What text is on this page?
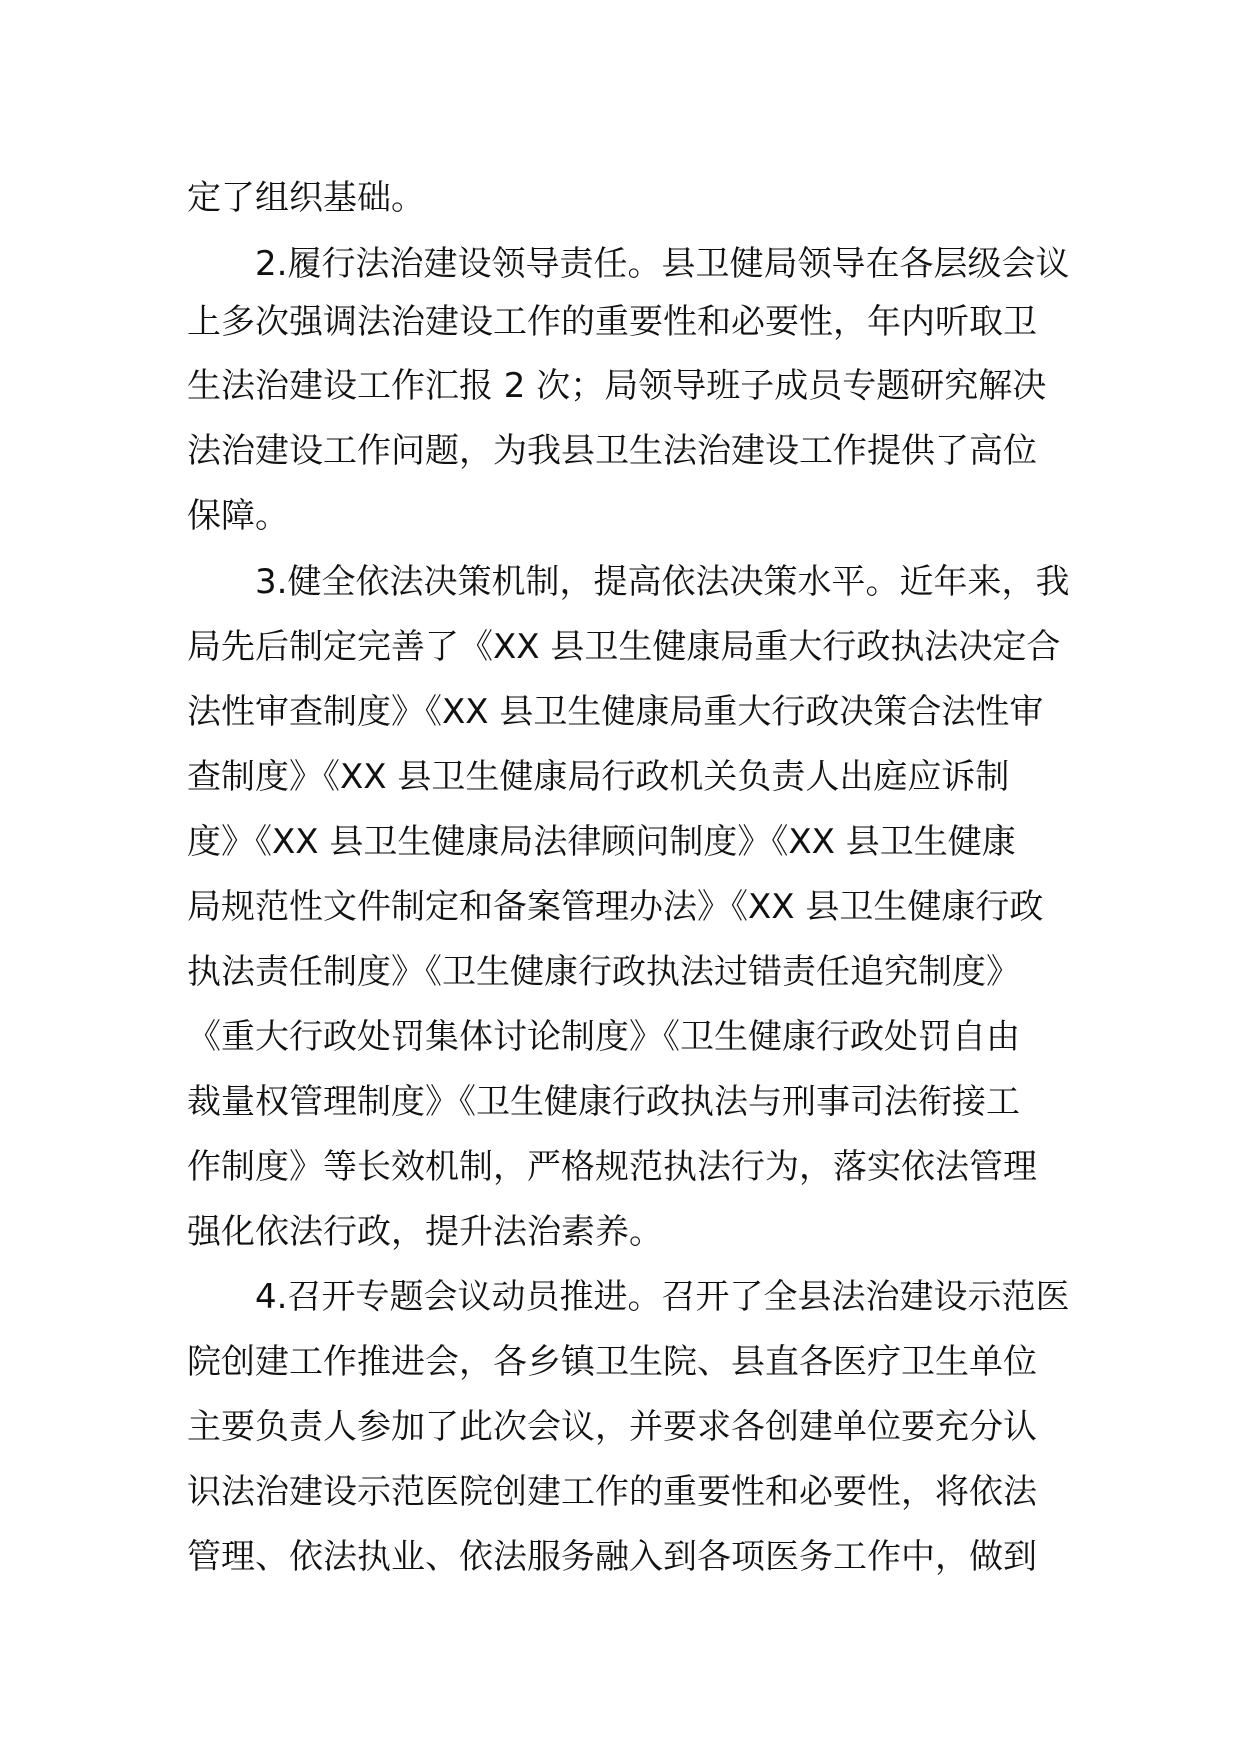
定了组织基础。

2.履行法治建设领导责任。县卫健局领导在各层级会议

上多次强调法治建设工作的重要性和必要性，年内听取卫

生法治建设工作汇报 2 次；局领导班子成员专题研究解决

法治建设工作问题，为我县卫生法治建设工作提供了高位

保障。

3.健全依法决策机制，提高依法决策水平。近年来，我

局先后制定完善了《XX 县卫生健康局重大行政执法决定合

法性审查制度》《XX 县卫生健康局重大行政决策合法性审

查制度》《XX 县卫生健康局行政机关负责人出庭应诉制

度》《XX 县卫生健康局法律顾问制度》《XX 县卫生健康

局规范性文件制定和备案管理办法》《XX 县卫生健康行政

执法责任制度》《卫生健康行政执法过错责任追究制度》

《重大行政处罚集体讨论制度》《卫生健康行政处罚自由

裁量权管理制度》《卫生健康行政执法与刑事司法衔接工

作制度》等长效机制，严格规范执法行为，落实依法管理

强化依法行政，提升法治素养。

4.召开专题会议动员推进。召开了全县法治建设示范医

院创建工作推进会，各乡镇卫生院、县直各医疗卫生单位

主要负责人参加了此次会议，并要求各创建单位要充分认

识法治建设示范医院创建工作的重要性和必要性，将依法

管理、依法执业、依法服务融入到各项医务工作中，做到
